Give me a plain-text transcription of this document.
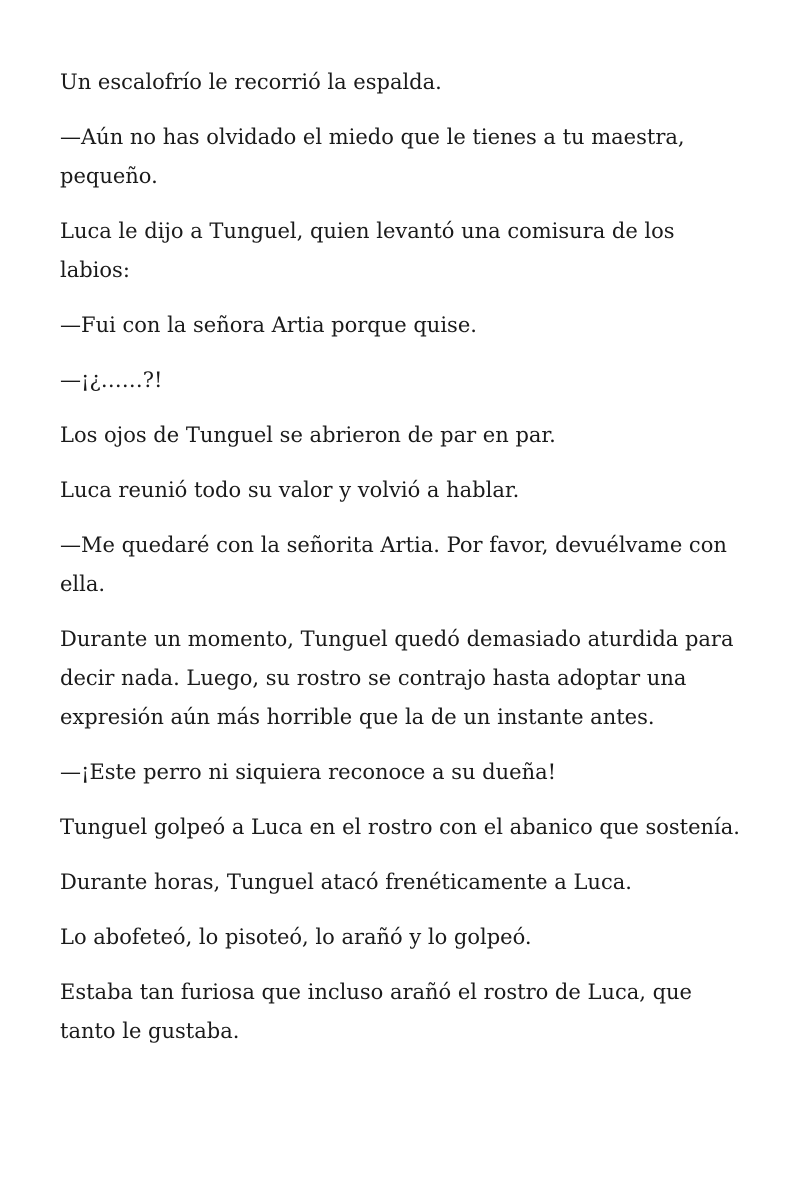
Un escalofrío le recorrió la espalda.

—Aún no has olvidado el miedo que le tienes a tu maestra, pequeño.

Luca le dijo a Tunguel, quien levantó una comisura de los labios:

—Fui con la señora Artia porque quise.

—¡¿……?!

Los ojos de Tunguel se abrieron de par en par.

Luca reunió todo su valor y volvió a hablar.

—Me quedaré con la señorita Artia. Por favor, devuélvame con ella.

Durante un momento, Tunguel quedó demasiado aturdida para decir nada. Luego, su rostro se contrajo hasta adoptar una expresión aún más horrible que la de un instante antes.

—¡Este perro ni siquiera reconoce a su dueña!

Tunguel golpeó a Luca en el rostro con el abanico que sostenía.

Durante horas, Tunguel atacó frenéticamente a Luca.

Lo abofeteó, lo pisoteó, lo arañó y lo golpeó.

Estaba tan furiosa que incluso arañó el rostro de Luca, que tanto le gustaba.
